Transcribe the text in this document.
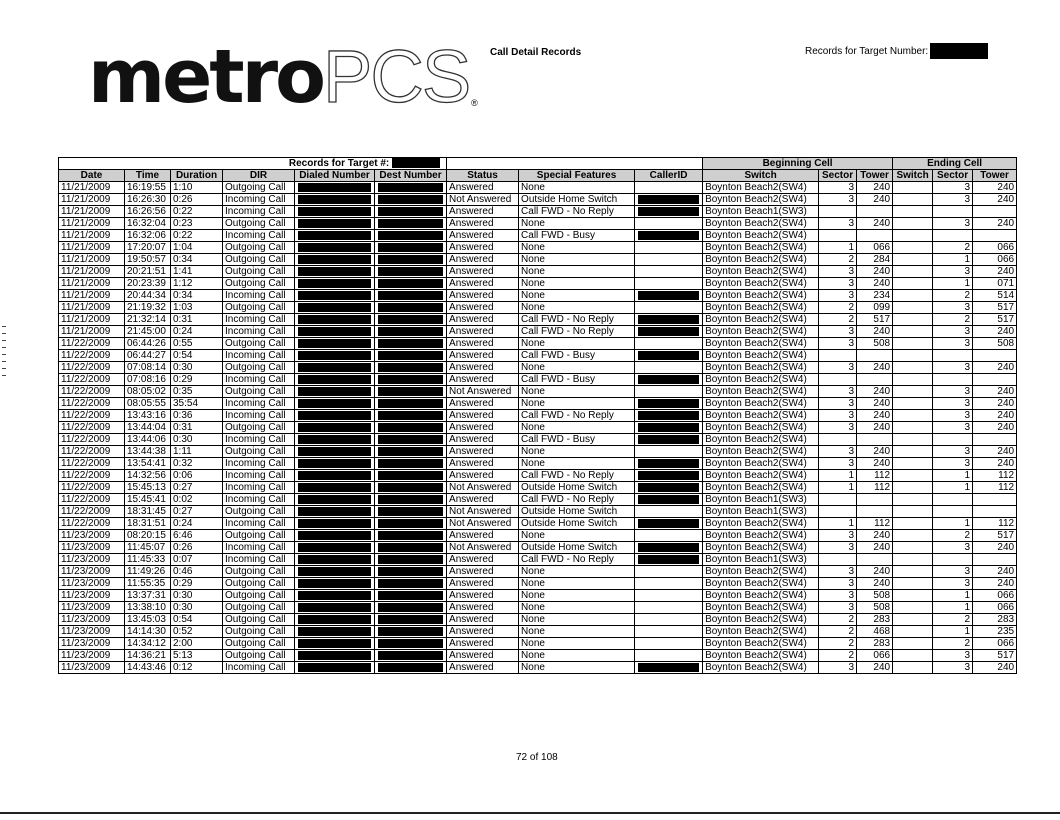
metro PCS ®
Call Detail Records	Records for Target Number:
Records for Target #:									Beginning Cell			Ending Cell		
Date	Time	Duration	DIR	Dialed Number	Dest Number	Status	Special Features	CallerID	Switch	Sector	Tower	Switch	Sector	Tower
11/21/2009	16:19:55	1:10	Outgoing Call			Answered	None		Boynton Beach2(SW4)	3	240		3	240
11/21/2009	16:26:30	0:26	Incoming Call			Not Answered	Outside Home Switch		Boynton Beach2(SW4)	3	240		3	240
11/21/2009	16:26:56	0:22	Incoming Call			Answered	Call FWD - No Reply		Boynton Beach1(SW3)					
11/21/2009	16:32:04	0:23	Outgoing Call			Answered	None		Boynton Beach2(SW4)	3	240		3	240
11/21/2009	16:32:06	0:22	Incoming Call			Answered	Call FWD - Busy		Boynton Beach2(SW4)					
11/21/2009	17:20:07	1:04	Outgoing Call			Answered	None		Boynton Beach2(SW4)	1	066		2	066
11/21/2009	19:50:57	0:34	Outgoing Call			Answered	None		Boynton Beach2(SW4)	2	284		1	066
11/21/2009	20:21:51	1:41	Outgoing Call			Answered	None		Boynton Beach2(SW4)	3	240		3	240
11/21/2009	20:23:39	1:12	Outgoing Call			Answered	None		Boynton Beach2(SW4)	3	240		1	071
11/21/2009	20:44:34	0:34	Incoming Call			Answered	None		Boynton Beach2(SW4)	3	234		2	514
11/21/2009	21:19:32	1:03	Outgoing Call			Answered	None		Boynton Beach2(SW4)	2	099		3	517
11/21/2009	21:32:14	0:31	Incoming Call			Answered	Call FWD - No Reply		Boynton Beach2(SW4)	2	517		2	517
11/21/2009	21:45:00	0:24	Incoming Call			Answered	Call FWD - No Reply		Boynton Beach2(SW4)	3	240		3	240
11/22/2009	06:44:26	0:55	Outgoing Call			Answered	None		Boynton Beach2(SW4)	3	508		3	508
11/22/2009	06:44:27	0:54	Incoming Call			Answered	Call FWD - Busy		Boynton Beach2(SW4)					
11/22/2009	07:08:14	0:30	Outgoing Call			Answered	None		Boynton Beach2(SW4)	3	240		3	240
11/22/2009	07:08:16	0:29	Incoming Call			Answered	Call FWD - Busy		Boynton Beach2(SW4)					
11/22/2009	08:05:02	0:35	Outgoing Call			Not Answered	None		Boynton Beach2(SW4)	3	240		3	240
11/22/2009	08:05:55	35:54	Incoming Call			Answered	None		Boynton Beach2(SW4)	3	240		3	240
11/22/2009	13:43:16	0:36	Incoming Call			Answered	Call FWD - No Reply		Boynton Beach2(SW4)	3	240		3	240
11/22/2009	13:44:04	0:31	Outgoing Call			Answered	None		Boynton Beach2(SW4)	3	240		3	240
11/22/2009	13:44:06	0:30	Incoming Call			Answered	Call FWD - Busy		Boynton Beach2(SW4)					
11/22/2009	13:44:38	1:11	Outgoing Call			Answered	None		Boynton Beach2(SW4)	3	240		3	240
11/22/2009	13:54:41	0:32	Incoming Call			Answered	None		Boynton Beach2(SW4)	3	240		3	240
11/22/2009	14:32:56	0:06	Incoming Call			Answered	Call FWD - No Reply		Boynton Beach2(SW4)	1	112		1	112
11/22/2009	15:45:13	0:27	Incoming Call			Not Answered	Outside Home Switch		Boynton Beach2(SW4)	1	112		1	112
11/22/2009	15:45:41	0:02	Incoming Call			Answered	Call FWD - No Reply		Boynton Beach1(SW3)					
11/22/2009	18:31:45	0:27	Outgoing Call			Not Answered	Outside Home Switch		Boynton Beach1(SW3)					
11/22/2009	18:31:51	0:24	Incoming Call			Not Answered	Outside Home Switch		Boynton Beach2(SW4)	1	112		1	112
11/23/2009	08:20:15	6:46	Outgoing Call			Answered	None		Boynton Beach2(SW4)	3	240		2	517
11/23/2009	11:45:07	0:26	Incoming Call			Not Answered	Outside Home Switch		Boynton Beach2(SW4)	3	240		3	240
11/23/2009	11:45:33	0:07	Incoming Call			Answered	Call FWD - No Reply		Boynton Beach1(SW3)					
11/23/2009	11:49:26	0:46	Outgoing Call			Answered	None		Boynton Beach2(SW4)	3	240		3	240
11/23/2009	11:55:35	0:29	Outgoing Call			Answered	None		Boynton Beach2(SW4)	3	240		3	240
11/23/2009	13:37:31	0:30	Outgoing Call			Answered	None		Boynton Beach2(SW4)	3	508		1	066
11/23/2009	13:38:10	0:30	Outgoing Call			Answered	None		Boynton Beach2(SW4)	3	508		1	066
11/23/2009	13:45:03	0:54	Outgoing Call			Answered	None		Boynton Beach2(SW4)	2	283		2	283
11/23/2009	14:14:30	0:52	Outgoing Call			Answered	None		Boynton Beach2(SW4)	2	468		1	235
11/23/2009	14:34:12	2:00	Outgoing Call			Answered	None		Boynton Beach2(SW4)	2	283		2	066
11/23/2009	14:36:21	5:13	Outgoing Call			Answered	None		Boynton Beach2(SW4)	2	066		3	517
11/23/2009	14:43:46	0:12	Incoming Call			Answered	None		Boynton Beach2(SW4)	3	240		3	240
72 of 108
